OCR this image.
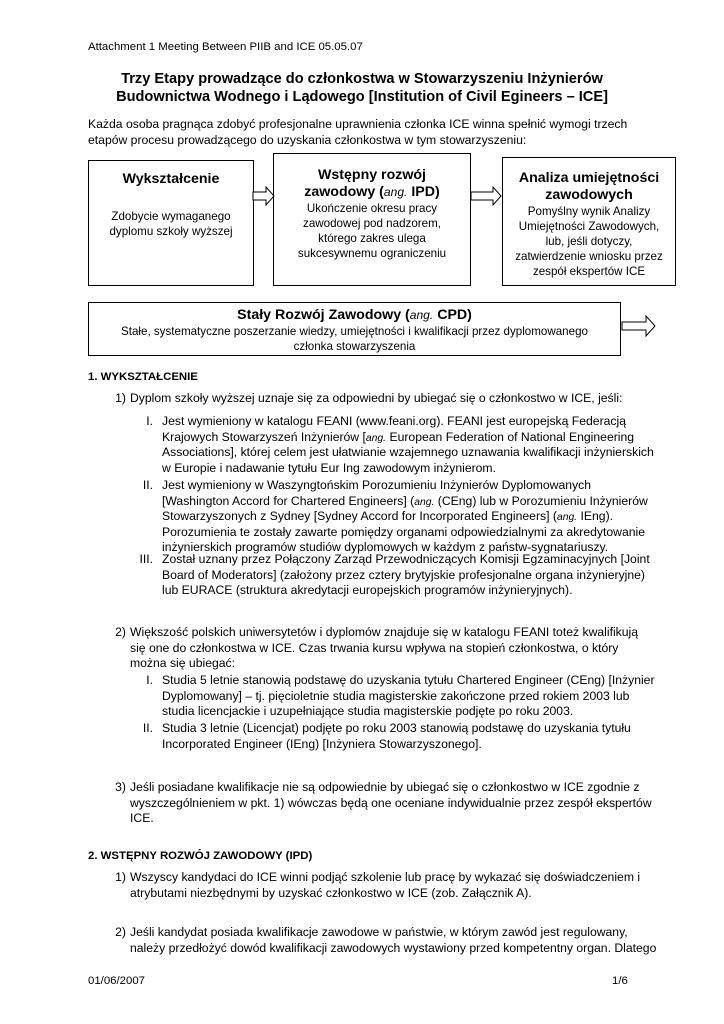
Attachment 1 Meeting Between PIIB and ICE 05.05.07
Trzy Etapy prowadzące do członkostwa w Stowarzyszeniu Inżynierów
Budownictwa Wodnego i Lądowego [Institution of Civil Egineers – ICE]
Każda osoba pragnąca zdobyć profesjonalne uprawnienia członka ICE winna spełnić wymogi trzech
etapów procesu prowadzącego do uzyskania członkostwa w tym stowarzyszeniu:
Wykształcenie
Zdobycie wymaganego
dyplomu szkoły wyższej
Wstępny rozwój
zawodowy (ang. IPD)
Ukończenie okresu pracy
zawodowej pod nadzorem,
którego zakres ulega
sukcesywnemu ograniczeniu
Analiza umiejętności
zawodowych
Pomyślny wynik Analizy
Umiejętności Zawodowych,
lub, jeśli dotyczy,
zatwierdzenie wniosku przez
zespół ekspertów ICE
Stały Rozwój Zawodowy (ang. CPD)
Stałe, systematyczne poszerzanie wiedzy, umiejętności i kwalifikacji przez dyplomowanego
członka stowarzyszenia
1. WYKSZTAŁCENIE
1) Dyplom szkoły wyższej uznaje się za odpowiedni by ubiegać się o członkostwo w ICE, jeśli:
I. Jest wymieniony w katalogu FEANI (www.feani.org). FEANI jest europejską Federacją
Krajowych Stowarzyszeń Inżynierów [ang. European Federation of National Engineering
Associations], której celem jest ułatwianie wzajemnego uznawania kwalifikacji inżynierskich
w Europie i nadawanie tytułu Eur Ing zawodowym inżynierom.
II. Jest wymieniony w Waszyngtońskim Porozumieniu Inżynierów Dyplomowanych
[Washington Accord for Chartered Engineers] (ang. (CEng) lub w Porozumieniu Inżynierów
Stowarzyszonych z Sydney [Sydney Accord for Incorporated Engineers] (ang. IEng).
Porozumienia te zostały zawarte pomiędzy organami odpowiedzialnymi za akredytowanie
inżynierskich programów studiów dyplomowych w każdym z państw-sygnatariuszy.
III. Został uznany przez Połączony Zarząd Przewodniczących Komisji Egzaminacyjnych [Joint
Board of Moderators] (założony przez cztery brytyjskie profesjonalne organa inżynieryjne)
lub EURACE (struktura akredytacji europejskich programów inżynieryjnych).
2) Większość polskich uniwersytetów i dyplomów znajduje się w katalogu FEANI toteż kwalifikują
się one do członkostwa w ICE. Czas trwania kursu wpływa na stopień członkostwa, o który
można się ubiegać:
I. Studia 5 letnie stanowią podstawę do uzyskania tytułu Chartered Engineer (CEng) [Inżynier
Dyplomowany] – tj. pięcioletnie studia magisterskie zakończone przed rokiem 2003 lub
studia licencjackie i uzupełniające studia magisterskie podjęte po roku 2003.
II. Studia 3 letnie (Licencjat) podjęte po roku 2003 stanowią podstawę do uzyskania tytułu
Incorporated Engineer (IEng) [Inżyniera Stowarzyszonego].
3) Jeśli posiadane kwalifikacje nie są odpowiednie by ubiegać się o członkostwo w ICE zgodnie z
wyszczególnieniem w pkt. 1) wówczas będą one oceniane indywidualnie przez zespół ekspertów
ICE.
2. WSTĘPNY ROZWÓJ ZAWODOWY (IPD)
1) Wszyscy kandydaci do ICE winni podjąć szkolenie lub pracę by wykazać się doświadczeniem i
atrybutami niezbędnymi by uzyskać członkostwo w ICE (zob. Załącznik A).
2) Jeśli kandydat posiada kwalifikacje zawodowe w państwie, w którym zawód jest regulowany,
należy przedłożyć dowód kwalifikacji zawodowych wystawiony przed kompetentny organ. Dlatego
01/06/2007	1/6
